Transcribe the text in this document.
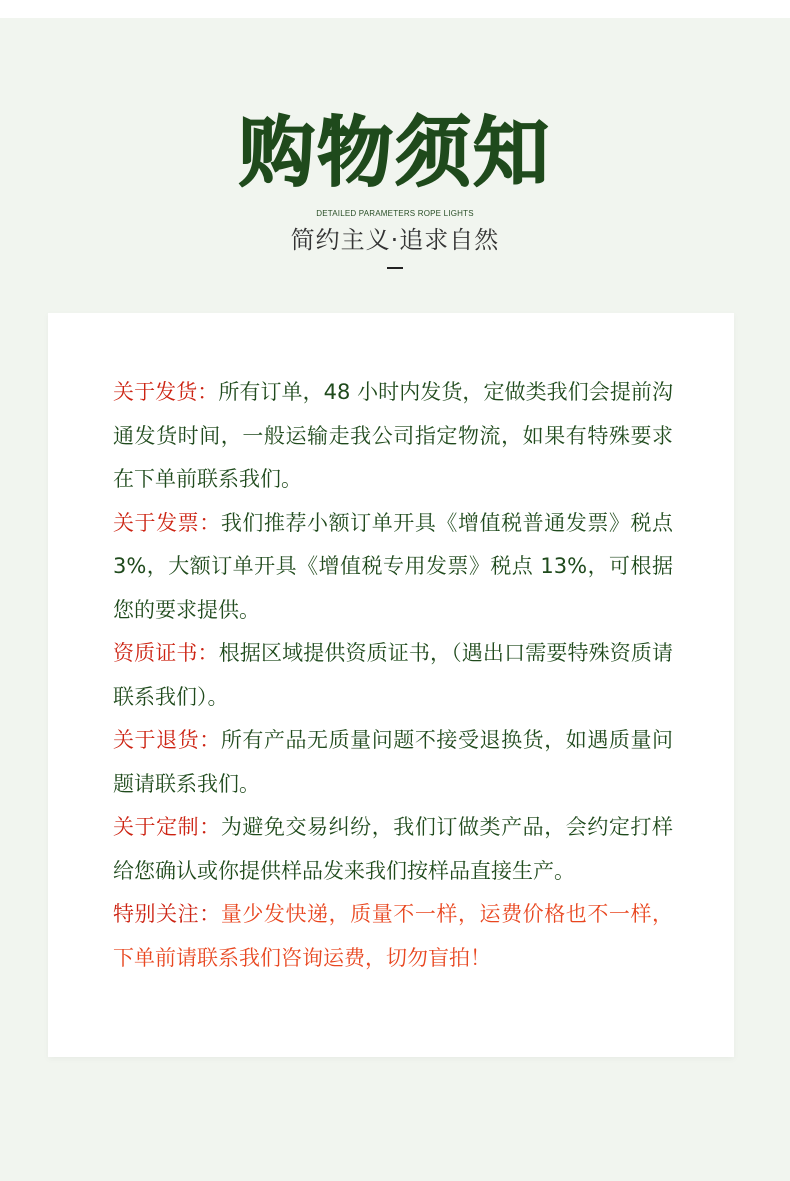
购物须知
DETAILED PARAMETERS ROPE LIGHTS
简约主义·追求自然

关于发货：所有订单，48 小时内发货，定做类我们会提前沟通发货时间，一般运输走我公司指定物流，如果有特殊要求在下单前联系我们。

关于发票：我们推荐小额订单开具《增值税普通发票》税点 3%，大额订单开具《增值税专用发票》税点 13%，可根据您的要求提供。

资质证书：根据区域提供资质证书，（遇出口需要特殊资质请联系我们）。

关于退货：所有产品无质量问题不接受退换货，如遇质量问题请联系我们。

关于定制：为避免交易纠纷，我们订做类产品，会约定打样给您确认或你提供样品发来我们按样品直接生产。

特别关注：量少发快递，质量不一样，运费价格也不一样，下单前请联系我们咨询运费，切勿盲拍！
